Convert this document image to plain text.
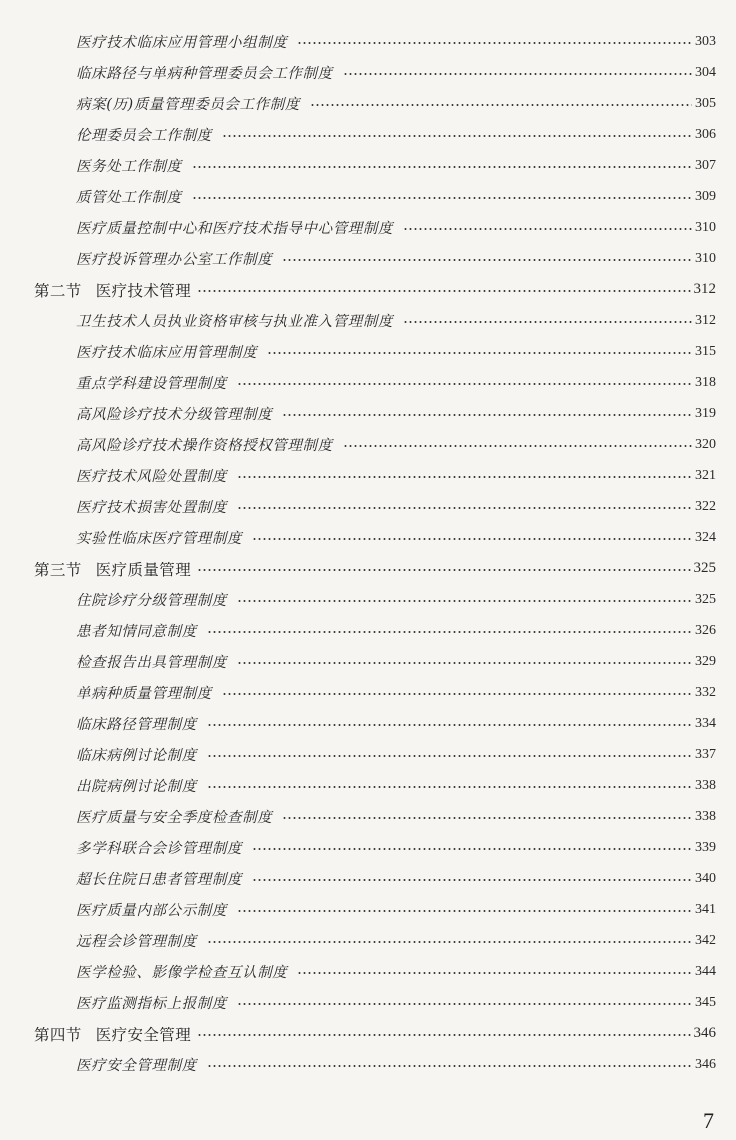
医疗技术临床应用管理小组制度	303
临床路径与单病种管理委员会工作制度	304
病案(历)质量管理委员会工作制度	305
伦理委员会工作制度	306
医务处工作制度	307
质管处工作制度	309
医疗质量控制中心和医疗技术指导中心管理制度	310
医疗投诉管理办公室工作制度	310
第二节 医疗技术管理	312
卫生技术人员执业资格审核与执业准入管理制度	312
医疗技术临床应用管理制度	315
重点学科建设管理制度	318
高风险诊疗技术分级管理制度	319
高风险诊疗技术操作资格授权管理制度	320
医疗技术风险处置制度	321
医疗技术损害处置制度	322
实验性临床医疗管理制度	324
第三节 医疗质量管理	325
住院诊疗分级管理制度	325
患者知情同意制度	326
检查报告出具管理制度	329
单病种质量管理制度	332
临床路径管理制度	334
临床病例讨论制度	337
出院病例讨论制度	338
医疗质量与安全季度检查制度	338
多学科联合会诊管理制度	339
超长住院日患者管理制度	340
医疗质量内部公示制度	341
远程会诊管理制度	342
医学检验、影像学检查互认制度	344
医疗监测指标上报制度	345
第四节 医疗安全管理	346
医疗安全管理制度	346
7
